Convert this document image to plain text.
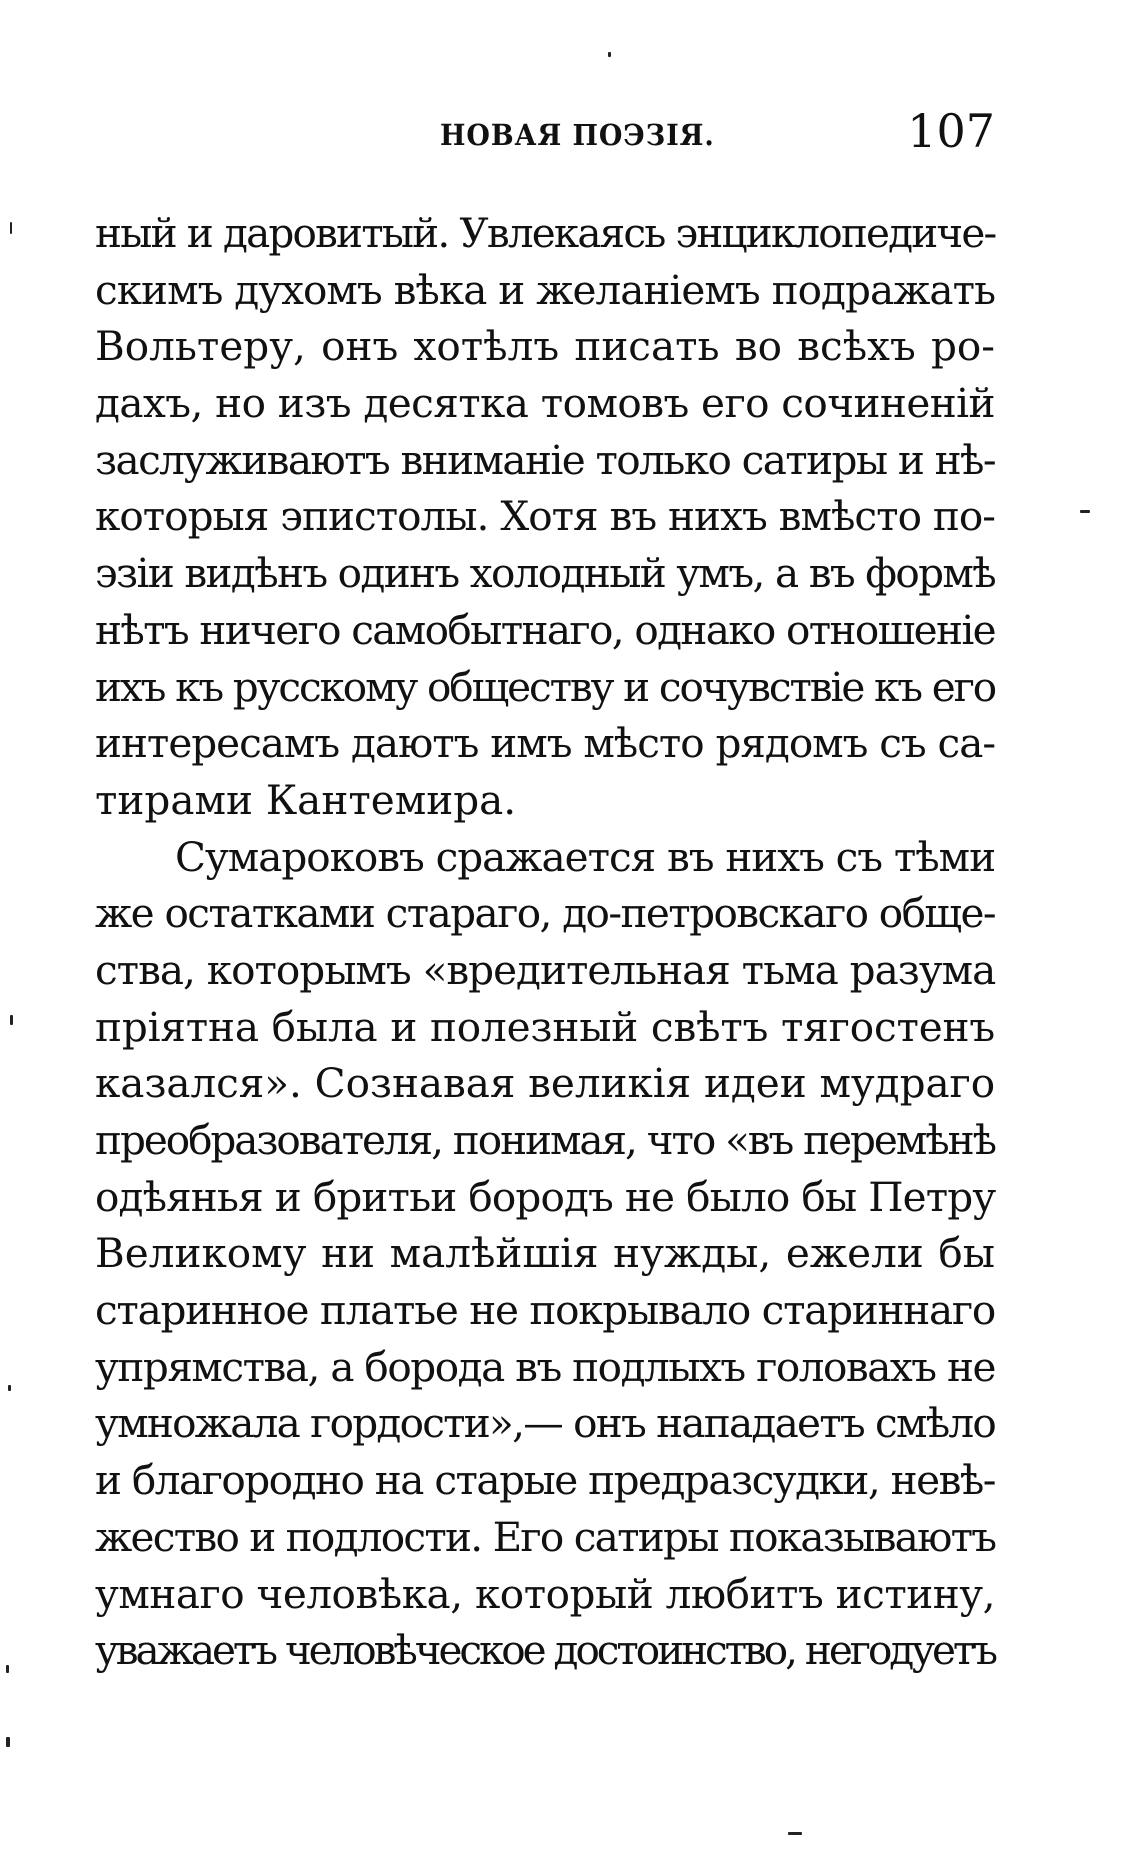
НОВАЯ ПОЭЗІЯ.	107
ный и даровитый. Увлекаясь энциклопедиче-
скимъ духомъ вѣка и желаніемъ подражать
Вольтеру, онъ хотѣлъ писать во всѣхъ ро-
дахъ, но изъ десятка томовъ его сочиненій
заслуживаютъ вниманіе только сатиры и нѣ-
которыя эпистолы. Хотя въ нихъ вмѣсто по-
эзіи видѣнъ одинъ холодный умъ, а въ формѣ
нѣтъ ничего самобытнаго, однако отношеніе
ихъ къ русскому обществу и сочувствіе къ его
интересамъ даютъ имъ мѣсто рядомъ съ са-
тирами Кантемира.
Сумароковъ сражается въ нихъ съ тѣми
же остатками стараго, до-петровскаго обще-
ства, которымъ «вредительная тьма разума
пріятна была и полезный свѣтъ тягостенъ
казался». Сознавая великія идеи мудраго
преобразователя, понимая, что «въ перемѣнѣ
одѣянья и бритьи бородъ не было бы Петру
Великому ни малѣйшія нужды, ежели бы
старинное платье не покрывало стариннаго
упрямства, а борода въ подлыхъ головахъ не
умножала гордости»,— онъ нападаетъ смѣло
и благородно на старые предразсудки, невѣ-
жество и подлости. Его сатиры показываютъ
умнаго человѣка, который любитъ истину,
уважаетъ человѣческое достоинство, негодуетъ
